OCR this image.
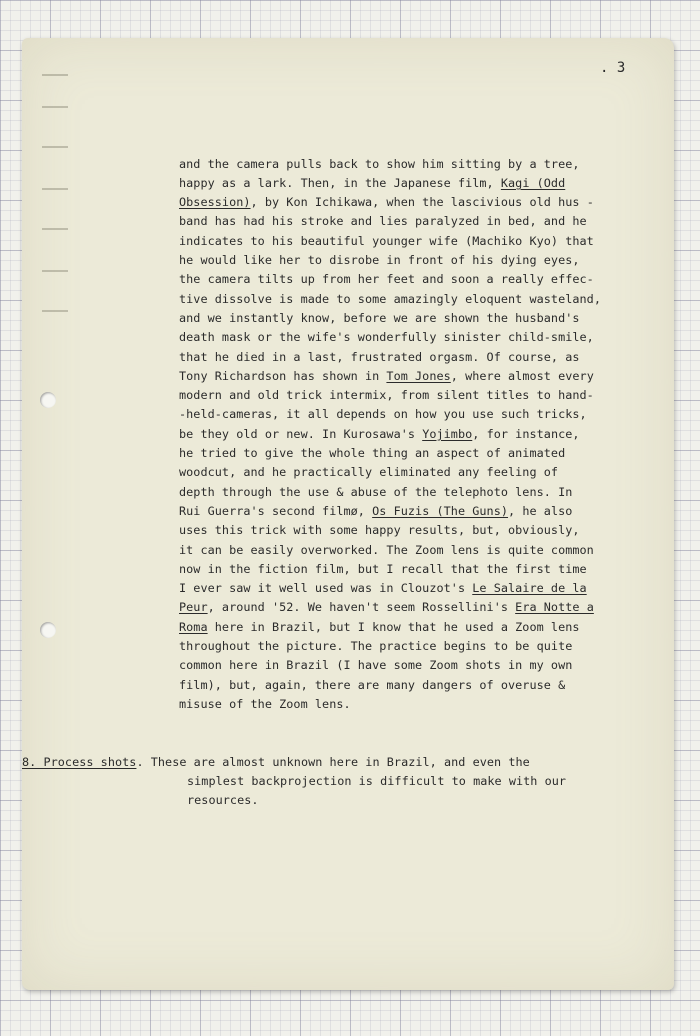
. 3

and the camera pulls back to show him sitting by a tree,
happy as a lark. Then, in the Japanese film, Kagi (Odd
Obsession), by Kon Ichikawa, when the lascivious old hus -
band has had his stroke and lies paralyzed in bed, and he
indicates to his beautiful younger wife (Machiko Kyo) that
he would like her to disrobe in front of his dying eyes,
the camera tilts up from her feet and soon a really effec-
tive dissolve is made to some amazingly eloquent wasteland,
and we instantly know, before we are shown the husband's
death mask or the wife's wonderfully sinister child-smile,
that he died in a last, frustrated orgasm. Of course, as
Tony Richardson has shown in Tom Jones, where almost every
modern and old trick intermix, from silent titles to hand-
-held-cameras, it all depends on how you use such tricks,
be they old or new. In Kurosawa's Yojimbo, for instance,
he tried to give the whole thing an aspect of animated
woodcut, and he practically eliminated any feeling of
depth through the use & abuse of the telephoto lens. In
Rui Guerra's second filmø, Os Fuzis (The Guns), he also
uses this trick with some happy results, but, obviously,
it can be easily overworked. The Zoom lens is quite common
now in the fiction film, but I recall that the first time
I ever saw it well used was in Clouzot's Le Salaire de la
Peur, around '52. We haven't seem Rossellini's Era Notte a
Roma here in Brazil, but I know that he used a Zoom lens
throughout the picture. The practice begins to be quite
common here in Brazil (I have some Zoom shots in my own
film), but, again, there are many dangers of overuse &
misuse of the Zoom lens.

8. Process shots. These are almost unknown here in Brazil, and even the
simplest backprojection is difficult to make with our
resources.
